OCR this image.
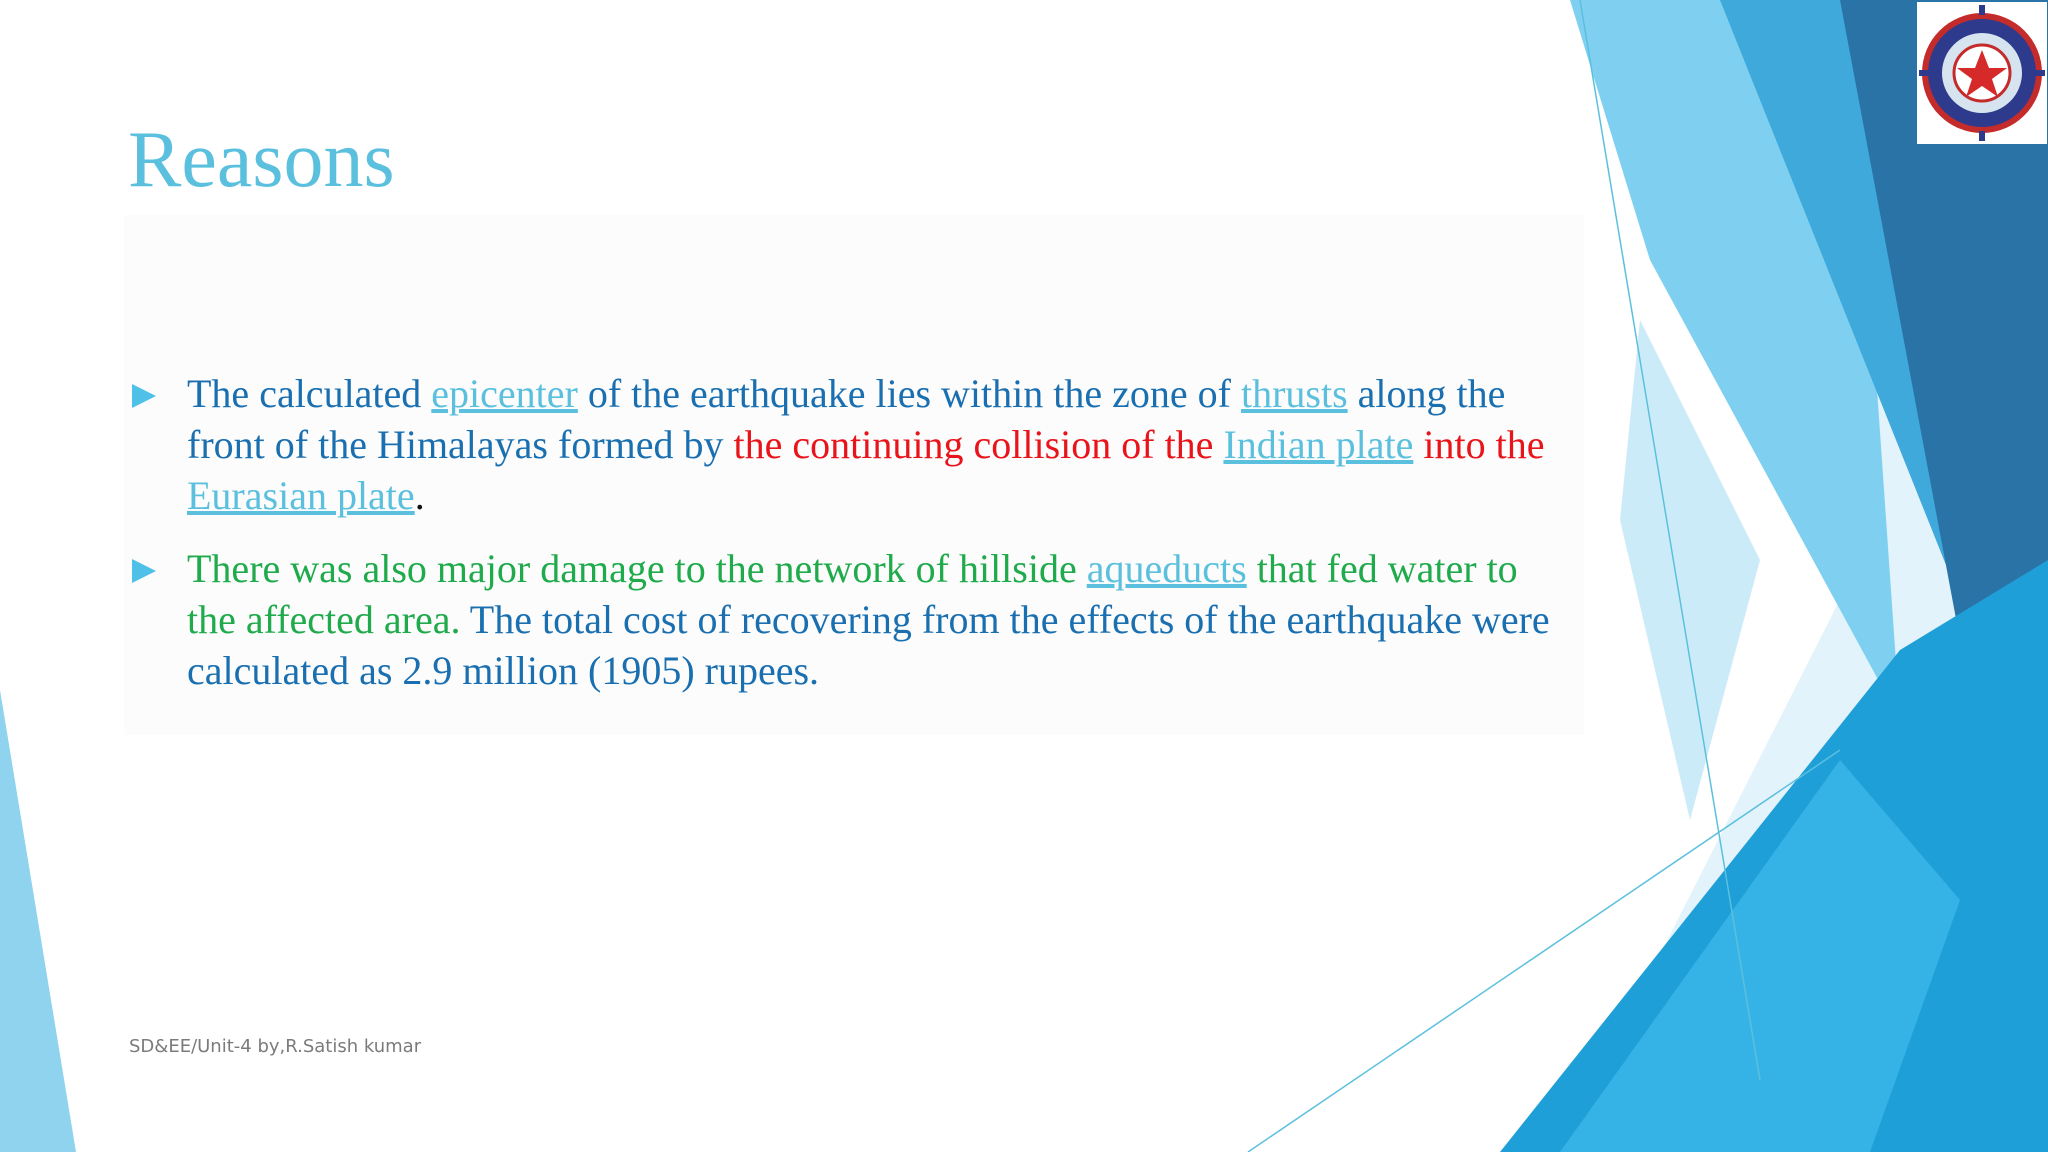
Reasons
The calculated epicenter of the earthquake lies within the zone of thrusts along the front of the Himalayas formed by the continuing collision of the Indian plate into the Eurasian plate.
There was also major damage to the network of hillside aqueducts that fed water to the affected area. The total cost of recovering from the effects of the earthquake were calculated as 2.9 million (1905) rupees.
SD&EE/Unit-4 by,R.Satish kumar
